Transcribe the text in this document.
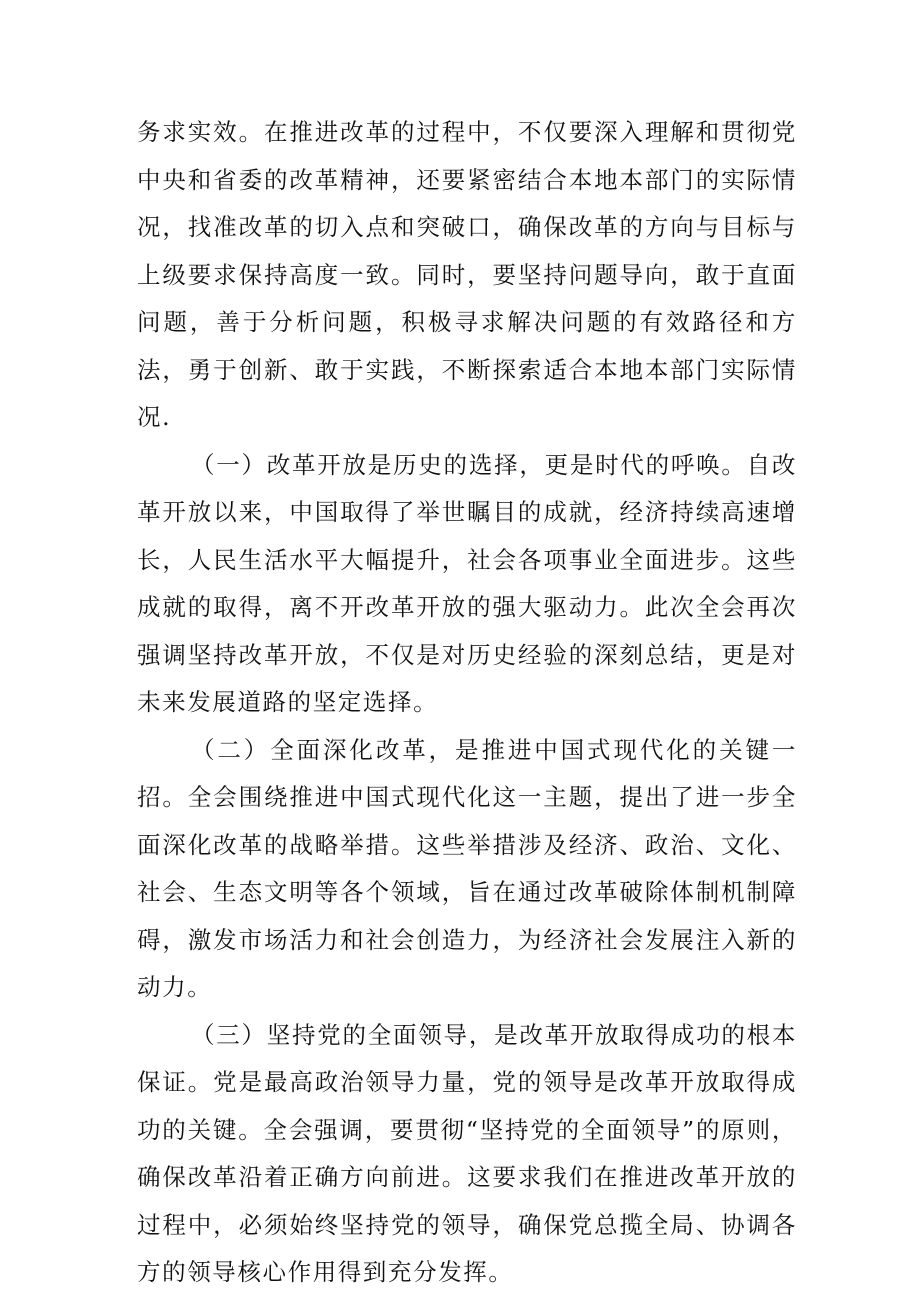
务求实效。在推进改革的过程中，不仅要深入理解和贯彻党中央和省委的改革精神，还要紧密结合本地本部门的实际情况，找准改革的切入点和突破口，确保改革的方向与目标与上级要求保持高度一致。同时，要坚持问题导向，敢于直面问题，善于分析问题，积极寻求解决问题的有效路径和方法，勇于创新、敢于实践，不断探索适合本地本部门实际情况.

（一）改革开放是历史的选择，更是时代的呼唤。自改革开放以来，中国取得了举世瞩目的成就，经济持续高速增长，人民生活水平大幅提升，社会各项事业全面进步。这些成就的取得，离不开改革开放的强大驱动力。此次全会再次强调坚持改革开放，不仅是对历史经验的深刻总结，更是对未来发展道路的坚定选择。

（二）全面深化改革，是推进中国式现代化的关键一招。全会围绕推进中国式现代化这一主题，提出了进一步全面深化改革的战略举措。这些举措涉及经济、政治、文化、社会、生态文明等各个领域，旨在通过改革破除体制机制障碍，激发市场活力和社会创造力，为经济社会发展注入新的动力。

（三）坚持党的全面领导，是改革开放取得成功的根本保证。党是最高政治领导力量，党的领导是改革开放取得成功的关键。全会强调，要贯彻“坚持党的全面领导”的原则，确保改革沿着正确方向前进。这要求我们在推进改革开放的过程中，必须始终坚持党的领导，确保党总揽全局、协调各方的领导核心作用得到充分发挥。
